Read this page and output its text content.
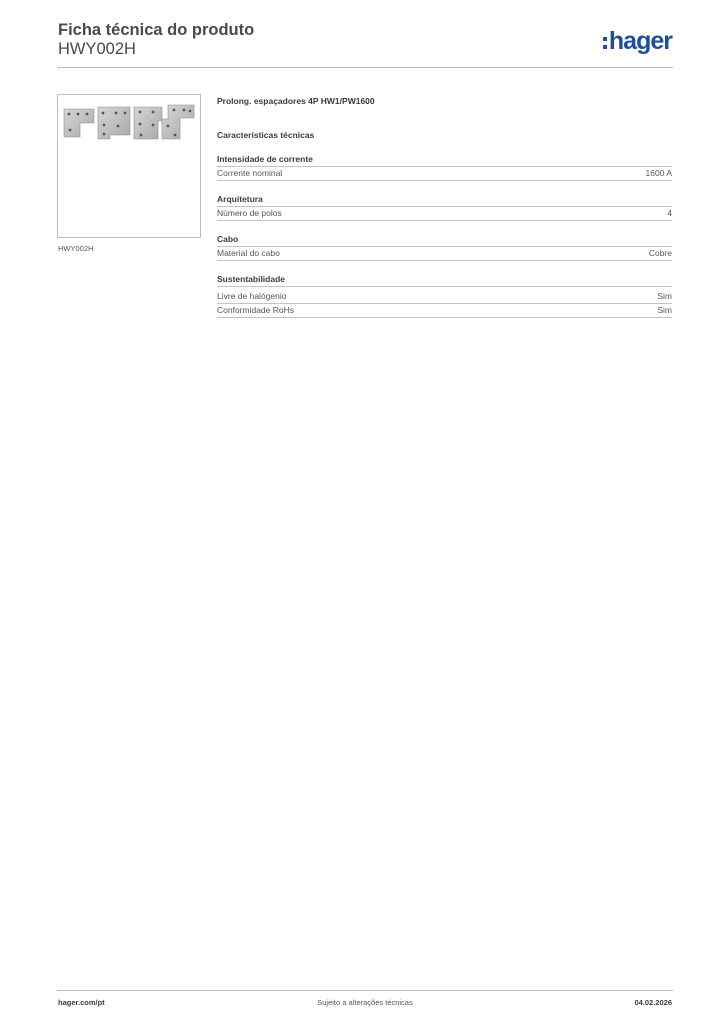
Ficha técnica do produto
HWY002H	hager
HWY002H
Prolong. espaçadores 4P HW1/PW1600
Características técnicas
Intensidade de corrente
Corrente nominal	1600 A
Arquitetura
Número de polos	4
Cabo
Material do cabo	Cobre
Sustentabilidade
Livre de halógenio	Sim
Conformidade RoHs	Sim
hager.com/pt	Sujeito a alterações técnicas	04.02.2026
